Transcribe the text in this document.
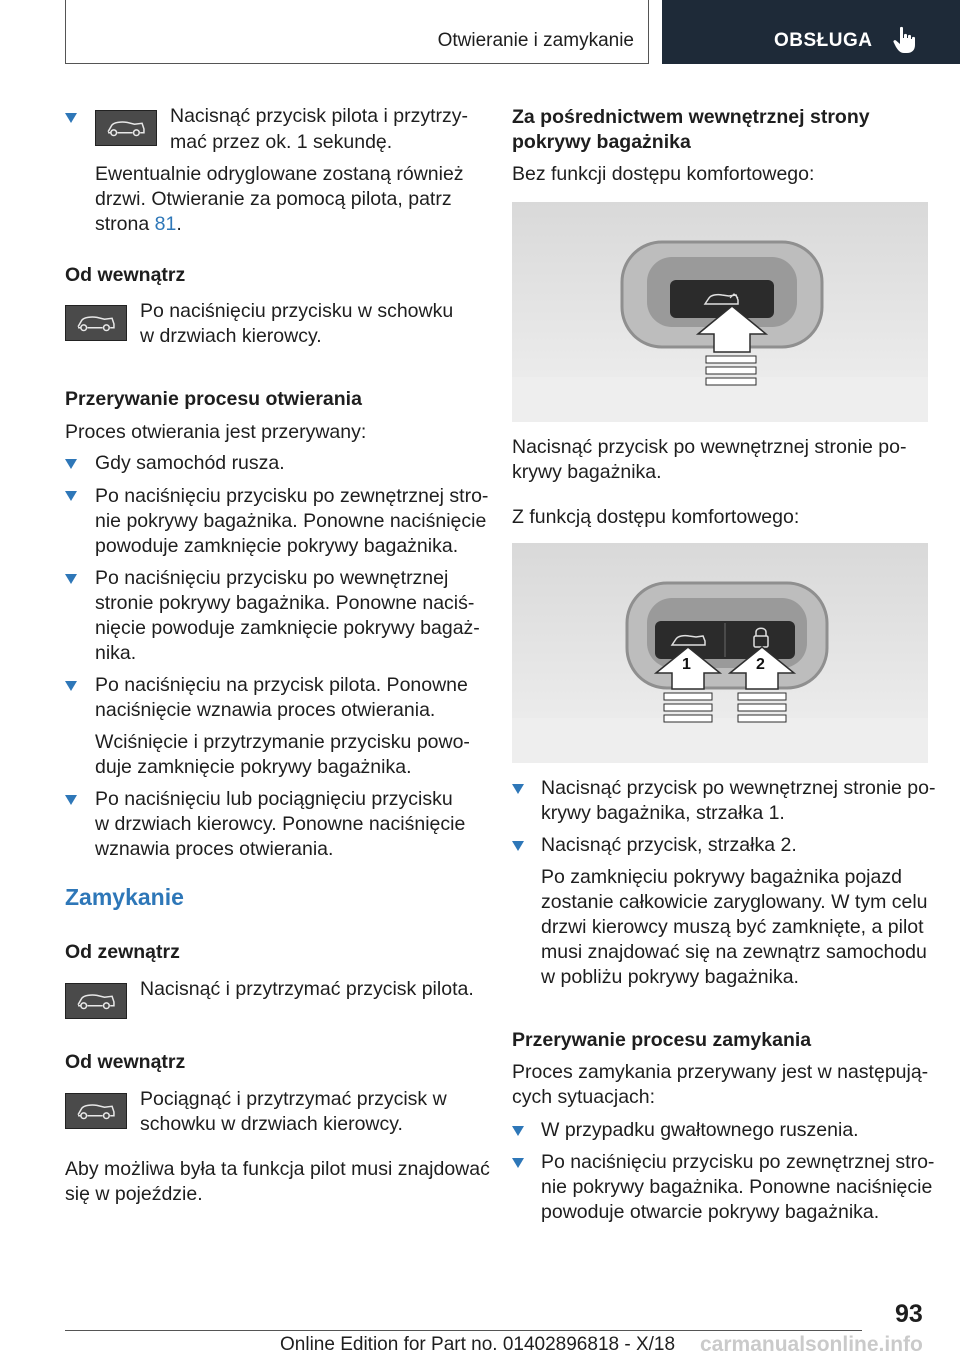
Otwieranie i zamykanie	OBSŁUGA

Nacisnąć przycisk pilota i przytrzy-

mać przez ok. 1 sekundę.

Ewentualnie odryglowane zostaną również

drzwi. Otwieranie za pomocą pilota, patrz

strona 81.

Od wewnątrz

Po naciśnięciu przycisku w schowku

w drzwiach kierowcy.

Przerywanie procesu otwierania

Proces otwierania jest przerywany:

Gdy samochód rusza.

Po naciśnięciu przycisku po zewnętrznej stro-

nie pokrywy bagażnika. Ponowne naciśnięcie

powoduje zamknięcie pokrywy bagażnika.

Po naciśnięciu przycisku po wewnętrznej

stronie pokrywy bagażnika. Ponowne naciś-

nięcie powoduje zamknięcie pokrywy bagaż-

nika.

Po naciśnięciu na przycisk pilota. Ponowne

naciśnięcie wznawia proces otwierania.

Wciśnięcie i przytrzymanie przycisku powo-

duje zamknięcie pokrywy bagażnika.

Po naciśnięciu lub pociągnięciu przycisku

w drzwiach kierowcy. Ponowne naciśnięcie

wznawia proces otwierania.

Zamykanie

Od zewnątrz

Nacisnąć i przytrzymać przycisk pilota.

Od wewnątrz

Pociągnąć i przytrzymać przycisk w

schowku w drzwiach kierowcy.

Aby możliwa była ta funkcja pilot musi znajdować

się w pojeździe.

Za pośrednictwem wewnętrznej strony

pokrywy bagażnika

Bez funkcji dostępu komfortowego:

Nacisnąć przycisk po wewnętrznej stronie po-

krywy bagażnika.

Z funkcją dostępu komfortowego:

1	2

Nacisnąć przycisk po wewnętrznej stronie po-

krywy bagażnika, strzałka 1.

Nacisnąć przycisk, strzałka 2.

Po zamknięciu pokrywy bagażnika pojazd

zostanie całkowicie zaryglowany. W tym celu

drzwi kierowcy muszą być zamknięte, a pilot

musi znajdować się na zewnątrz samochodu

w pobliżu pokrywy bagażnika.

Przerywanie procesu zamykania

Proces zamykania przerywany jest w następują-

cych sytuacjach:

W przypadku gwałtownego ruszenia.

Po naciśnięciu przycisku po zewnętrznej stro-

nie pokrywy bagażnika. Ponowne naciśnięcie

powoduje otwarcie pokrywy bagażnika.

93

Online Edition for Part no. 01402896818 - X/18 carmanualsonline.info
